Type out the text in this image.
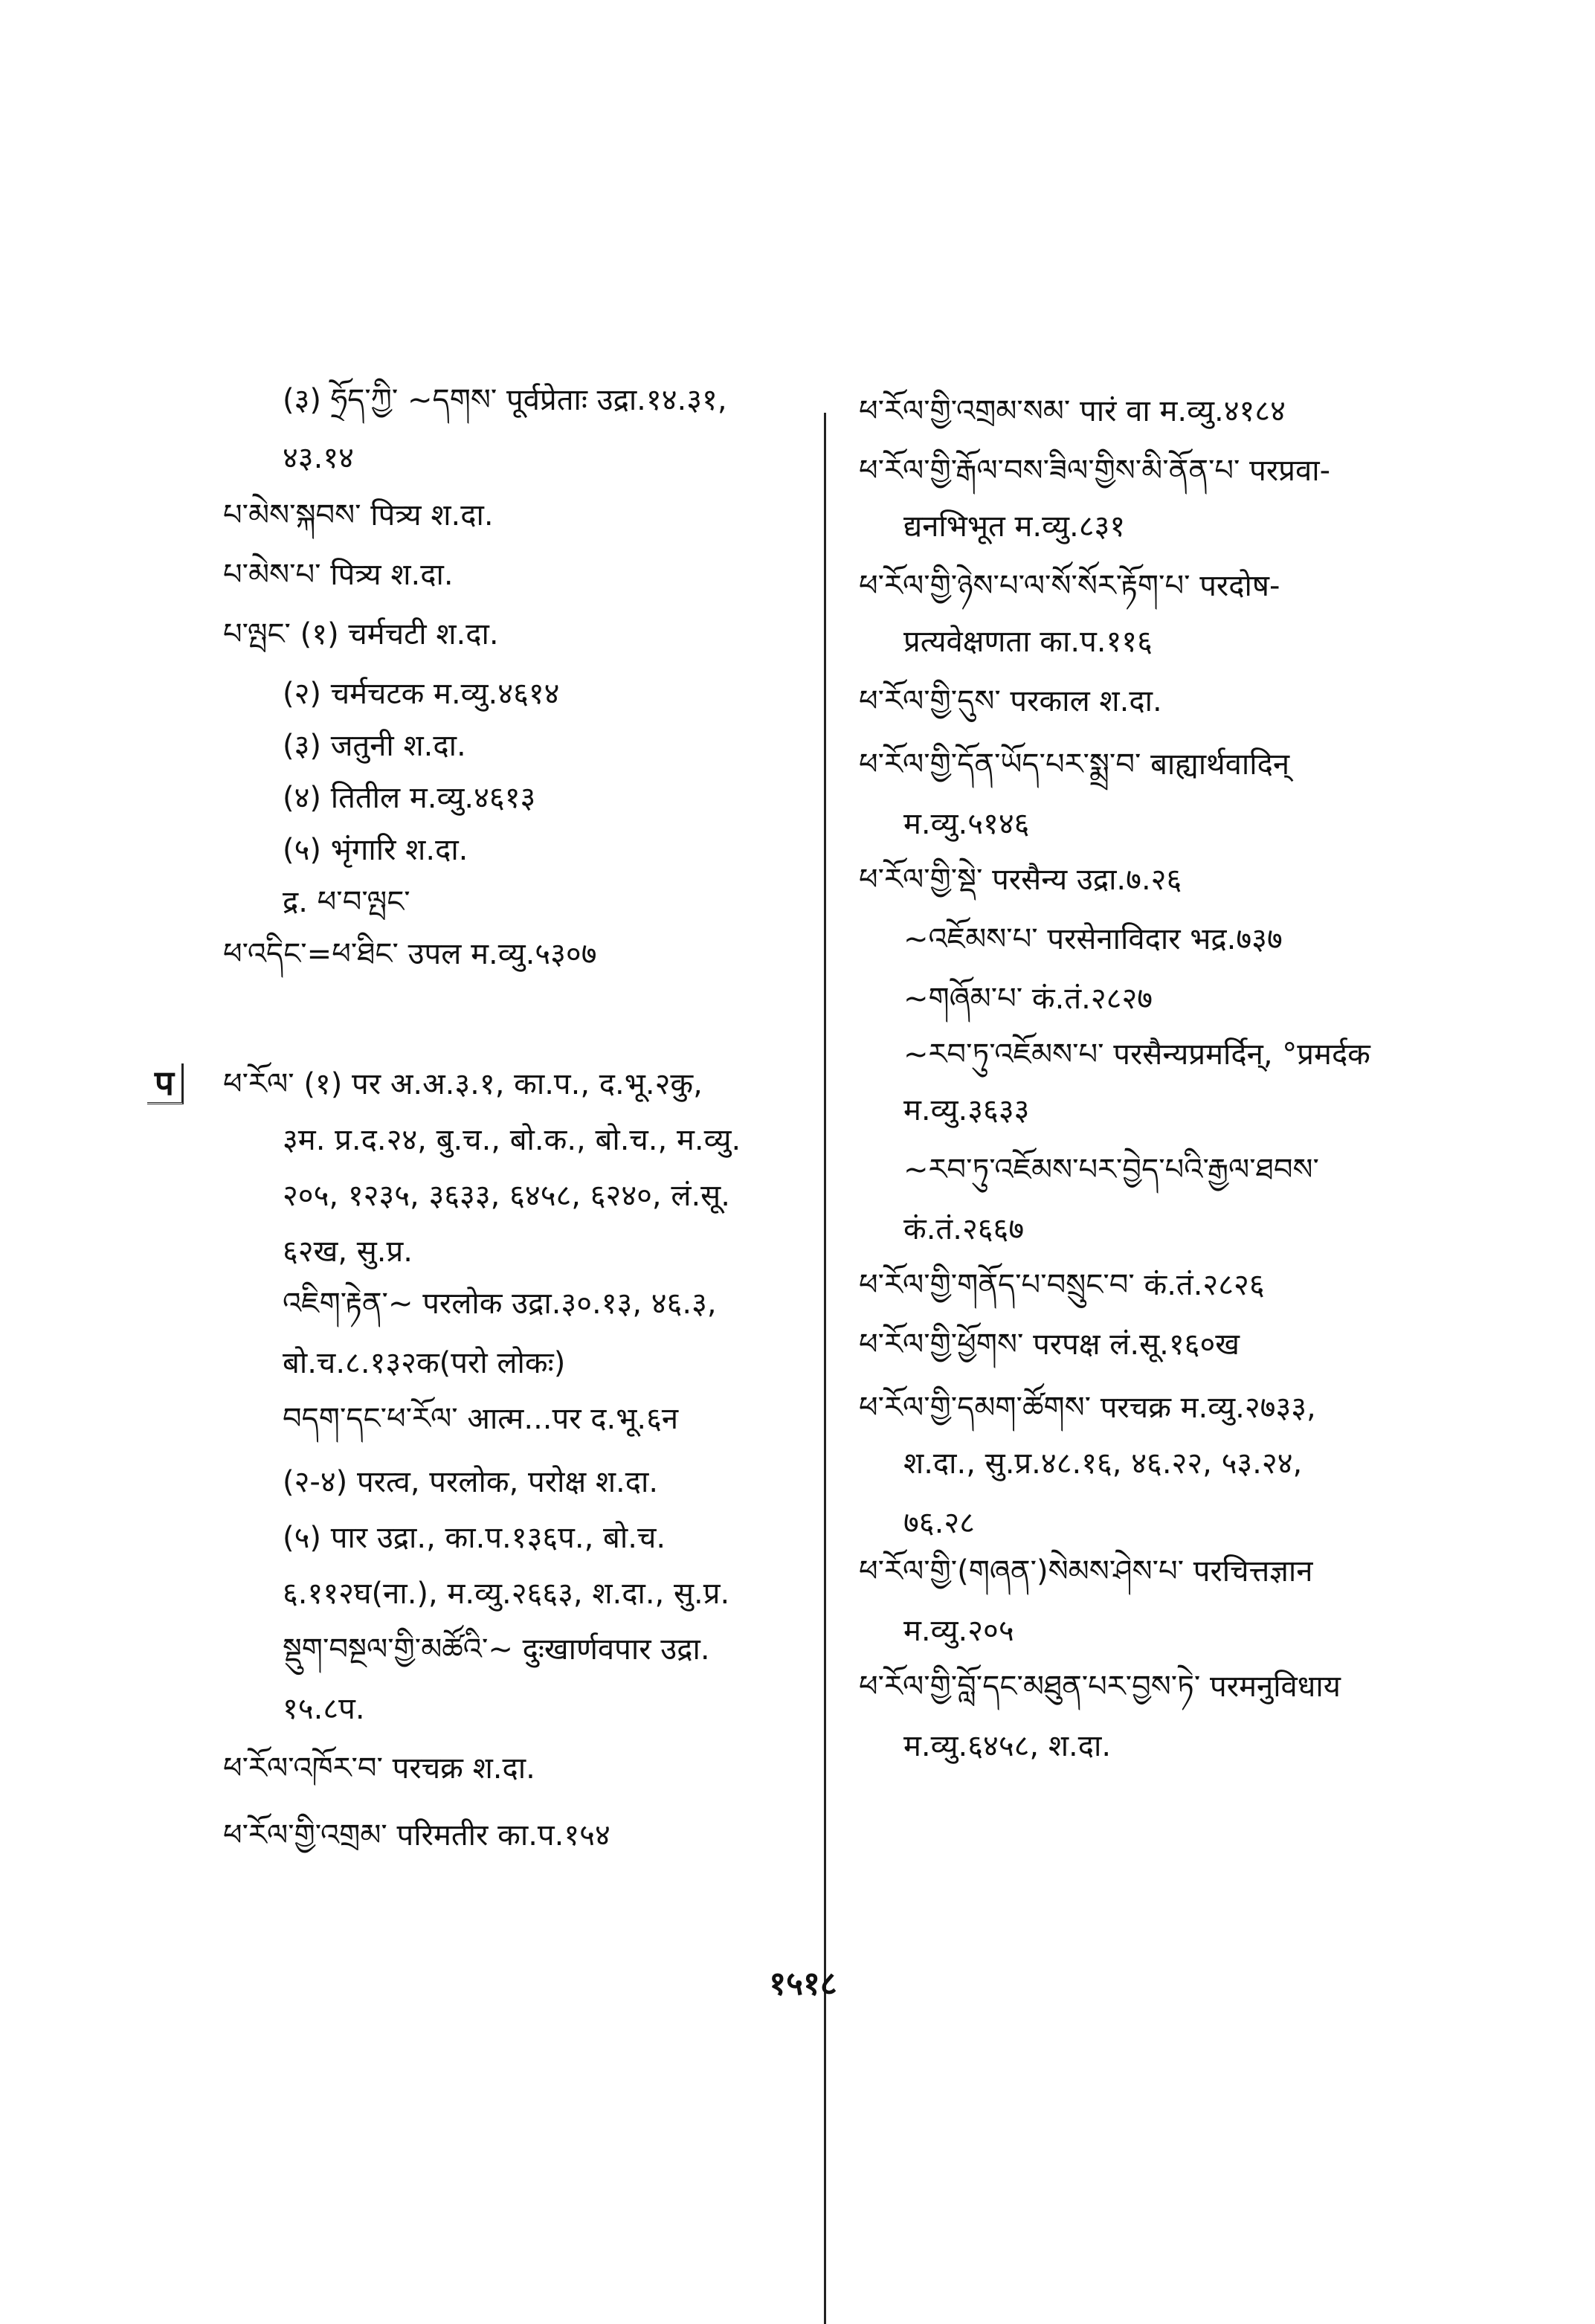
(३) ཧྲོད་ཀྱི་ ~དགས་ पूर्वप्रेताः उद्रा.१४.३१,
४३.१४
པ་མེས་སྐབས་ पित्र्य श.दा.
པ་མེས་པ་ पित्र्य श.दा.
པ་ལྤང་ (१) चर्मचटी श.दा.
(२) चर्मचटक म.व्यु.४६१४
(३) जतुनी श.दा.
(४) तितील म.व्यु.४६१३
(५) भृंगारि श.दा.
द्र. ཕ་བ་ལྤང་
ཕ་འདིང་=ཕ་ཐིང་ उपल म.व्यु.५३०७
ཕ་རོལ་ (१) पर अ.अ.३.१, का.प., द.भू.२कु,
३म. प्र.द.२४, बु.च., बो.क., बो.च., म.व्यु.
२०५, १२३५, ३६३३, ६४५८, ६२४०, लं.सू.
६२ख, सु.प्र.
འཇིག་རྟེན་~ परलोक उद्रा.३०.१३, ४६.३,
बो.च.८.१३२क(परो लोकः)
བདག་དང་ཕ་རོལ་ आत्म...पर द.भू.६न
(२-४) परत्व, परलोक, परोक्ष श.दा.
(५) पार उद्रा., का.प.१३६प., बो.च.
६.११२घ(ना.), म.व्यु.२६६३, श.दा., सु.प्र.
སྡུག་བསྔལ་གྱི་མཚོའི་~ दुःखार्णवपार उद्रा.
१५.८प.
ཕ་རོལ་འཁོར་བ་ परचक्र श.दा.
ཕ་རོལ་གྱི་འགྲམ་ परिमतीर का.प.१५४
प
ཕ་རོལ་གྱི་འགྲམ་སམ་ पारं वा म.व्यु.४१८४
ཕ་རོལ་གྱི་རྒོལ་བས་ཟིལ་གྱིས་མི་ནོན་པ་ परप्रवा-
द्यनभिभूत म.व्यु.८३१
ཕ་རོལ་གྱི་ཉེས་པ་ལ་སོ་སོར་རྟོག་པ་ परदोष-
प्रत्यवेक्षणता का.प.११६
ཕ་རོལ་གྱི་དུས་ परकाल श.दा.
ཕ་རོལ་གྱི་དོན་ཡོད་པར་སྨྲ་བ་ बाह्यार्थवादिन्
म.व्यु.५१४६
ཕ་རོལ་གྱི་སྡེ་ परसैन्य उद्रा.७.२६
~འཇོམས་པ་ परसेनाविदार भद्र.७३७
~གཞོམ་པ་ कं.तं.२८२७
~རབ་ཏུ་འཇོམས་པ་ परसैन्यप्रमर्दिन्, °प्रमर्दक
म.व्यु.३६३३
~རབ་ཏུ་འཇོམས་པར་བྱེད་པའི་རྒྱལ་ཐབས་
कं.तं.२६६७
ཕ་རོལ་གྱི་གནོད་པ་བསྲུང་བ་ कं.तं.२८२६
ཕ་རོལ་གྱི་ཕྱོགས་ परपक्ष लं.सू.१६०ख
ཕ་རོལ་གྱི་དམག་ཚོགས་ परचक्र म.व्यु.२७३३,
श.दा., सु.प्र.४८.१६, ४६.२२, ५३.२४,
७६.२८
ཕ་རོལ་གྱི་(གཞན་)སེམས་ཤེས་པ་ परचित्तज्ञान
म.व्यु.२०५
ཕ་རོལ་གྱི་བློ་དང་མཐུན་པར་བྱས་ཏེ་ परमनुविधाय
म.व्यु.६४५८, श.दा.
१५१८
